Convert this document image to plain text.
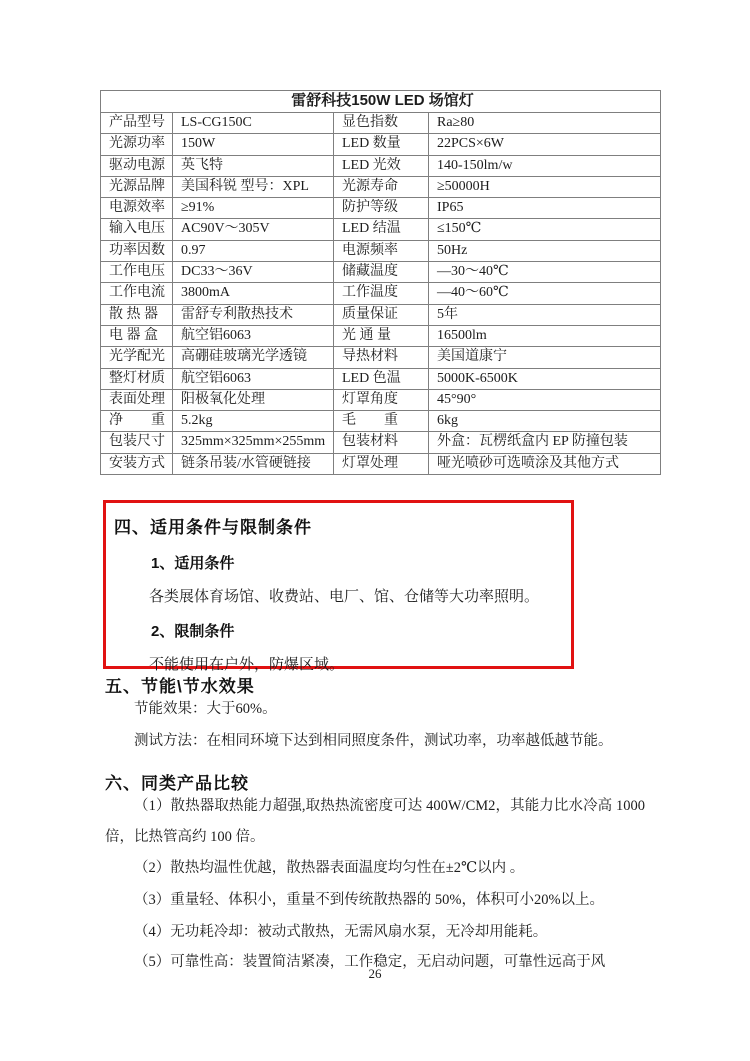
雷舒科技150W LED 场馆灯			
产品型号	LS-CG150C	显色指数	Ra≥80
光源功率	150W	LED 数量	22PCS×6W
驱动电源	英飞特	LED 光效	140-150lm/w
光源品牌	美国科锐 型号：XPL	光源寿命	≥50000H
电源效率	≥91%	防护等级	IP65
输入电压	AC90V～305V	LED 结温	≤150℃
功率因数	0.97	电源频率	50Hz
工作电压	DC33～36V	储藏温度	—30～40℃
工作电流	3800mA	工作温度	—40～60℃
散 热 器	雷舒专利散热技术	质量保证	5年
电 器 盒	航空铝6063	光 通 量	16500lm
光学配光	高硼硅玻璃光学透镜	导热材料	美国道康宁
整灯材质	航空铝6063	LED 色温	5000K-6500K
表面处理	阳极氧化处理	灯罩角度	45°90°
净　　重	5.2kg	毛　　重	6kg
包装尺寸	325mm×325mm×255mm	包装材料	外盒：瓦楞纸盒内 EP 防撞包装
安装方式	链条吊装/水管硬链接	灯罩处理	哑光喷砂可选喷涂及其他方式
四、适用条件与限制条件
1、适用条件

各类展体育场馆、收费站、电厂、馆、仓储等大功率照明。

2、限制条件

不能使用在户外，防爆区域。

五、节能\节水效果

节能效果：大于60%。

测试方法：在相同环境下达到相同照度条件，测试功率，功率越低越节能。

六、同类产品比较

（1）散热器取热能力超强,取热热流密度可达 400W/CM2，其能力比水冷高 1000 倍，比热管高约 100 倍。

（2）散热均温性优越，散热器表面温度均匀性在±2℃以内 。

（3）重量轻、体积小，重量不到传统散热器的 50%，体积可小20%以上。

（4）无功耗冷却：被动式散热，无需风扇水泵，无冷却用能耗。

（5）可靠性高：装置简洁紧凑，工作稳定，无启动问题，可靠性远高于风

26
